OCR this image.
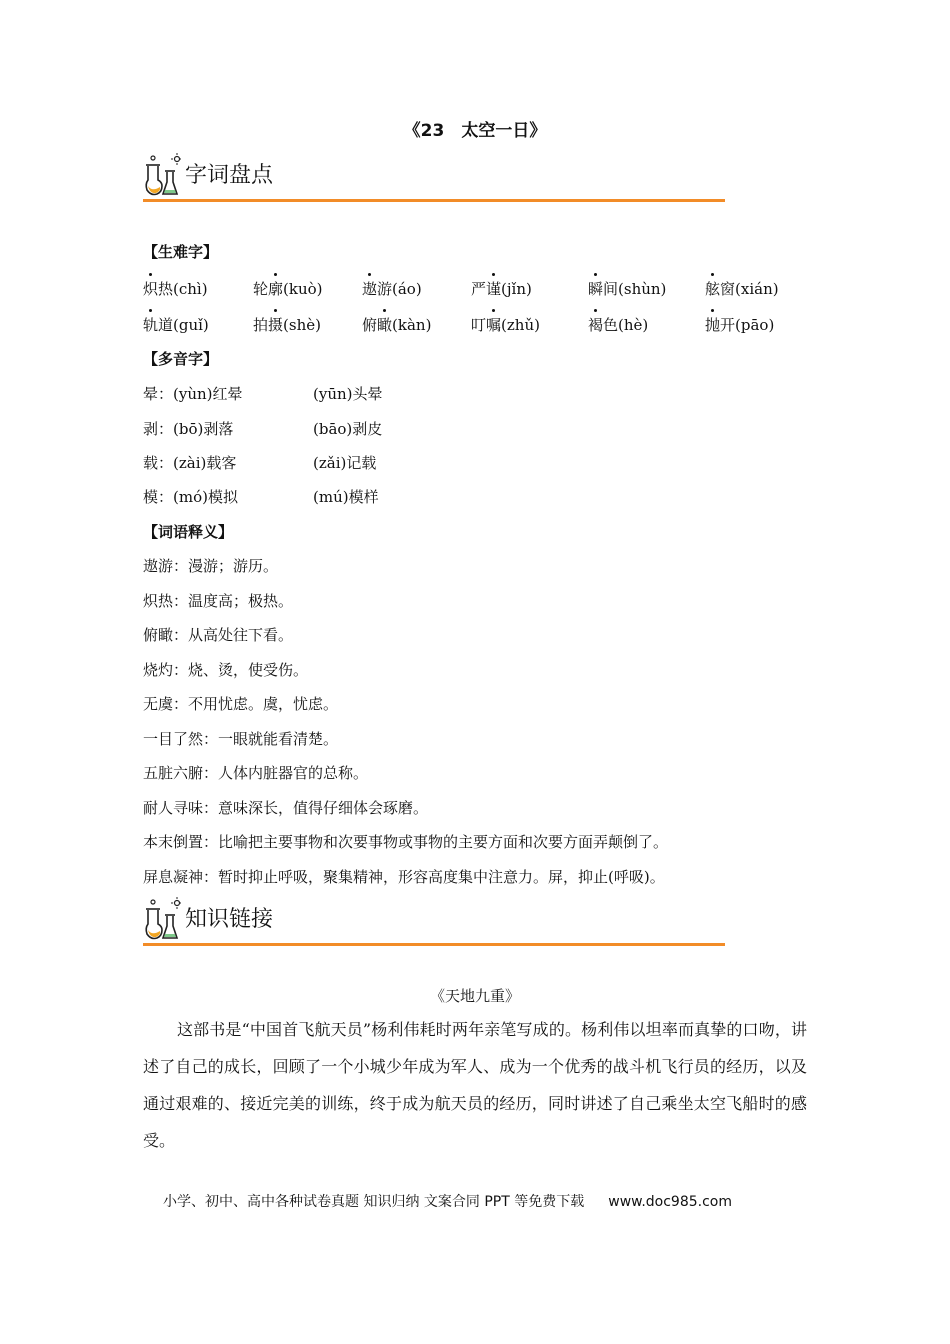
《23　太空一日》
字词盘点
【生难字】
炽热(chì)	轮廓(kuò)	遨游(áo)	严谨(jǐn)	瞬间(shùn)	舷窗(xián)
轨道(guǐ)	拍摄(shè)	俯瞰(kàn)	叮嘱(zhǔ)	褐色(hè)	抛开(pāo)
【多音字】
晕：(yùn)红晕	(yūn)头晕
剥：(bō)剥落	(bāo)剥皮
载：(zài)载客	(zǎi)记载
模：(mó)模拟	(mú)模样
【词语释义】
遨游：漫游；游历。
炽热：温度高；极热。
俯瞰：从高处往下看。
烧灼：烧、烫，使受伤。
无虞：不用忧虑。虞，忧虑。
一目了然：一眼就能看清楚。
五脏六腑：人体内脏器官的总称。
耐人寻味：意味深长，值得仔细体会琢磨。
本末倒置：比喻把主要事物和次要事物或事物的主要方面和次要方面弄颠倒了。
屏息凝神：暂时抑止呼吸，聚集精神，形容高度集中注意力。屏，抑止(呼吸)。
知识链接
《天地九重》
这部书是“中国首飞航天员”杨利伟耗时两年亲笔写成的。杨利伟以坦率而真挚的口吻，讲述了自己的成长，回顾了一个小城少年成为军人、成为一个优秀的战斗机飞行员的经历，以及通过艰难的、接近完美的训练，终于成为航天员的经历，同时讲述了自己乘坐太空飞船时的感受。
小学、初中、高中各种试卷真题 知识归纳 文案合同 PPT 等免费下载 www.doc985.com
